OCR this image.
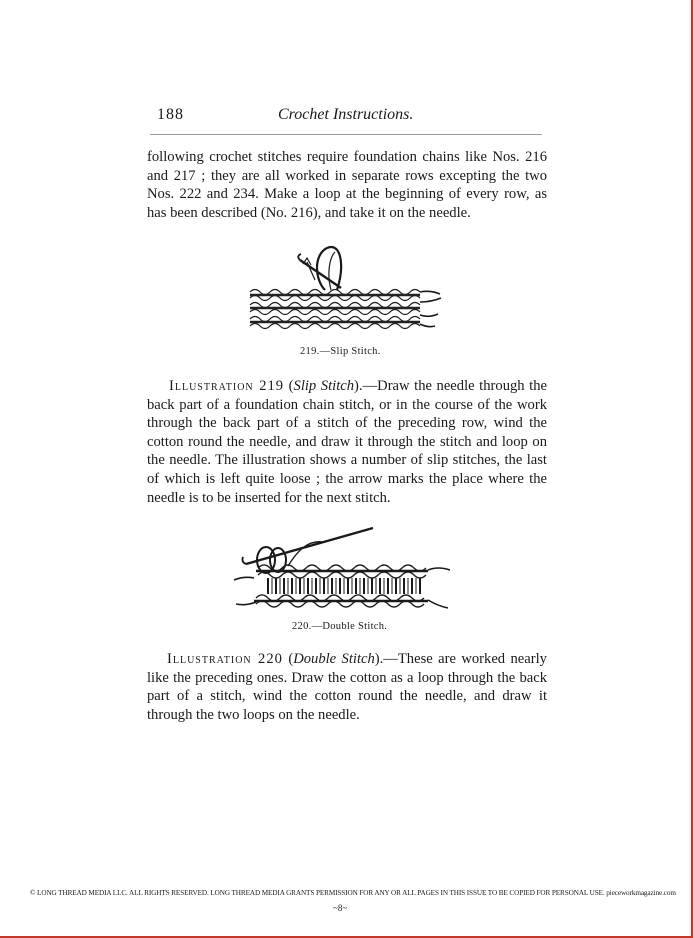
188	Crochet Instructions.

following crochet stitches require foundation chains like Nos. 216 and 217 ; they are all worked in separate rows excepting the two Nos. 222 and 234. Make a loop at the beginning of every row, as has been described (No. 216), and take it on the needle.

219.—Slip Stitch.

Illustration 219 (Slip Stitch).—Draw the needle through the back part of a foundation chain stitch, or in the course of the work through the back part of a stitch of the preceding row, wind the cotton round the needle, and draw it through the stitch and loop on the needle. The illustration shows a number of slip stitches, the last of which is left quite loose ; the arrow marks the place where the needle is to be inserted for the next stitch.

220.—Double Stitch.

Illustration 220 (Double Stitch).—These are worked nearly like the preceding ones. Draw the cotton as a loop through the back part of a stitch, wind the cotton round the needle, and draw it through the two loops on the needle.

© LONG THREAD MEDIA LLC. ALL RIGHTS RESERVED. LONG THREAD MEDIA GRANTS PERMISSION FOR ANY OR ALL PAGES IN THIS ISSUE TO BE COPIED FOR PERSONAL USE. pieceworkmagazine.com
~8~
